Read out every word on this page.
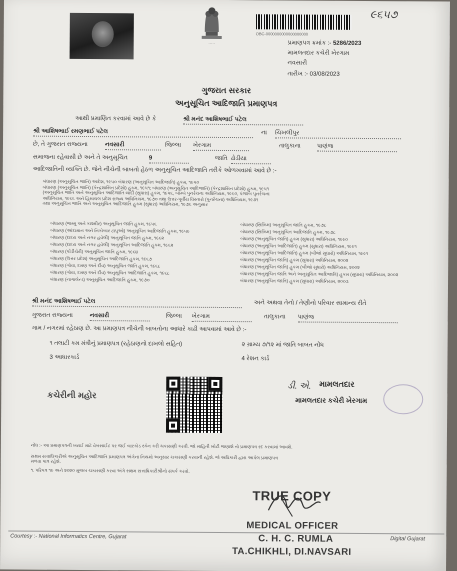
·····
OBC-0000000000000000000
૯૬૫૭
પ્રમાણપત્ર ક્રમાંક :- 5286/2023
મામલતદાર કચેરી ખેરગામ
નવસારી
તારીખ :- 03/08/2023
ગુજરાત સરકાર
અનુસૂચિત આદિજાતિ પ્રમાણપત્ર
આથી પ્રમાણિત કરવામાં આવે છે કે	શ્રી મનંદ આશિષભાઈ પટેલ
શ્રી આશિષભાઈ રમણભાઈ પટેલ	ના ચિખલીપુર
છે, તે ગુજરાત રાજ્યના	નવસારી	જિલ્લા ખેરગામ	તાલુકાના	પાણંજ
સમાજના રહેવાસી છે અને તે અનુસૂચિત	9	જાતિ ઢોડીયા
આદિજાતિની વ્યક્તિ છે. જેને નીચેની બાબતો હેઠળ અનુસૂચિત આદિજાતિ તરીકે ઓળખવામાં આવે છે :-
બંધારણ (અનુસૂચિત જાતિ) આદેશ, ૧૯૫૦ બંધારણ (અનુસૂચિત આદિજાતિ) હુકમ, ૧૯૫૦
બંધારણ (અનુસૂચિત જાતિ) (કેન્દ્રશાસિત પ્રદેશો) હુકમ, ૧૯૫૧; બંધારણ (અનુસૂચિત આદિજાતિ) (કેન્દ્રશાસિત પ્રદેશો) હુકમ, ૧૯૫૧
(અનુસૂચિત જાતિ અને અનુસૂચિત આદિજાતિ યાદી (સુધારા) હુકમ, ૧૯૫૬, બોમ્બે પુનર્રચના અધિનિયમ, ૧૯૬૦, પંજાબ પુનર્રચના
અધિનિયમ, ૧૯૬૬ અને હિમાચલ પ્રદેશ રાજ્ય અધિનિયમ, ૧૯૭૦ તથા ઉત્તર-પૂર્વીય વિસ્તારો (પુનર્રચના) અધિનિયમ, ૧૯૭૧
તથા અનુસૂચિત જાતિ અને અનુસૂચિત આદિજાતિ હુકમ (સુધારા) અધિનિયમ, ૧૯૭૬ અનુસાર
બંધારણ (જમ્મુ અને કાશ્મીર) અનુસૂચિત જાતિ હુકમ, ૧૯૫૬
બંધારણ (આંદામાન અને નિકોબાર ટાપુઓ) અનુસૂચિત આદિજાતિ હુકમ, ૧૯૫૯
બંધારણ (દાદરા અને નગર હવેલી) અનુસૂચિત જાતિ હુકમ, ૧૯૬૨
બંધારણ (દાદરા અને નગર હવેલી) અનુસૂચિત આદિજાતિ હુકમ, ૧૯૬૨
બંધારણ (પોંડીચેરી) અનુસૂચિત જાતિ હુકમ, ૧૯૬૪
બંધારણ (ઉત્તર પ્રદેશ) અનુસૂચિત આદિજાતિ હુકમ, ૧૯૬૭
બંધારણ (ગોવા, દમણ અને દીવ) અનુસૂચિત જાતિ હુકમ, ૧૯૬૮
બંધારણ (ગોવા, દમણ અને દીવ) અનુસૂચિત આદિજાતિ હુકમ, ૧૯૬૮
બંધારણ (નાગાલેન્ડ) અનુસૂચિત આદિજાતિ હુકમ, ૧૯૭૦
બંધારણ (સિક્કિમ) અનુસૂચિત જાતિ હુકમ, ૧૯૭૮
બંધારણ (સિક્કિમ) અનુસૂચિત આદિજાતિ હુકમ, ૧૯૭૮
બંધારણ (અનુસૂચિત જાતિ) હુકમ (સુધારા) અધિનિયમ, ૧૯૯૦
બંધારણ (અનુસૂચિત આદિજાતિ) હુકમ (સુધારા) અધિનિયમ, ૧૯૯૧
બંધારણ (અનુસૂચિત આદિજાતિ) હુકમ (બીજો સુધારો) અધિનિયમ, ૧૯૯૧
બંધારણ (અનુસૂચિત જાતિ) હુકમ (સુધારા) અધિનિયમ, ૨૦૦૨
બંધારણ (અનુસૂચિત જાતિ) હુકમ (બીજો સુધારો) અધિનિયમ, ૨૦૦૨
બંધારણ (અનુસૂચિત જાતિ અને અનુસૂચિત આદિજાતિ) હુકમ (સુધારા) અધિનિયમ, ૨૦૦૨
બંધારણ (અનુસૂચિત જાતિ) હુકમ (સુધારા) અધિનિયમ, ૨૦૦૩
શ્રી મનંદ આશિષભાઈ પટેલ	અને અથવા તેનો / તેણીનો પરિવાર સામાન્ય રીતે
ગુજરાત રાજ્યના	નવસારી	જિલ્લા ખેરગામ	તાલુકાના પાણંજ
ગામ / નગરમાં રહેઠાણ છે. આ પ્રમાણપત્ર નીચેની બાબતોના આધારે કાઢી આપવામાં આવે છે :-
૧ તલાટી કમ મંત્રીનું પ્રમાણપત્ર (રહેઠાણનો દાખલો સહિત)	૨ ગ્રામ્ય ૭/૧૨ માં જાતિ બાબત નોંધ
3 આધારકાર્ડ	4 રેશન કાર્ડ
કચેરીની મહોર
ડી. એ. મામલતદાર
મામલતદાર કચેરી ખેરગામ
નોંધ :- આ પ્રમાણપત્રની ખરાઈ માટે વેબસાઈટ પર જઈ બારકોડ સ્કેન કરી ચકાસણી કરવી. જો માહિતી ખોટી જણાશે તો પ્રમાણપત્ર રદ કરવામાં આવશે.
સક્ષમ સત્તાધિકારીએ અનુસૂચિત આદિજાતિ પ્રમાણપત્ર અંગેના નિયમો અનુસાર ચકાસણી કરવાની રહેશે. જે અધિકારી દ્વારા આપેલ પ્રમાણપત્ર
મળવા પાત્ર રહેશે.
૧. પરિપત્ર ૧૯ અને ૨૦૨૦ મુજબ ચકાસણી કરવા અંગે સક્ષમ સત્તાધિકારીશ્રીનો સંપર્ક કરવો.
TRUE COPY
Courtesy :- National Informatics Centre, Gujarat	Digital Gujarat
MEDICAL OFFICER
C. H. C. RUMLA
TA.CHIKHLI, DI.NAVSARI
